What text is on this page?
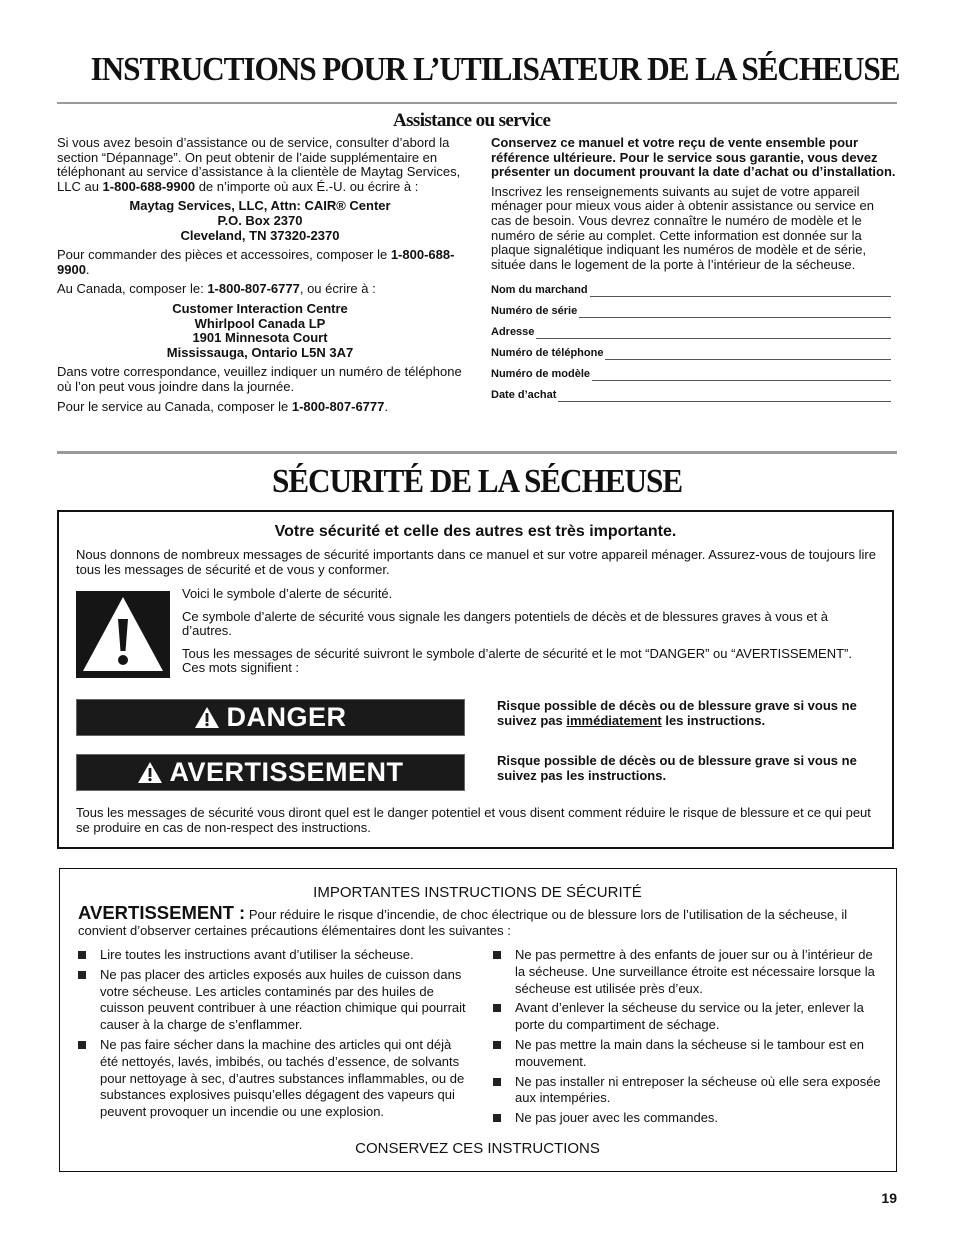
INSTRUCTIONS POUR L’UTILISATEUR DE LA SÉCHEUSE
Assistance ou service

Si vous avez besoin d’assistance ou de service, consulter d’abord la section “Dépannage”. On peut obtenir de l’aide supplémentaire en téléphonant au service d’assistance à la clientèle de Maytag Services, LLC au 1-800-688-9900 de n’importe où aux É.-U. ou écrire à :

Maytag Services, LLC, Attn: CAIR® Center
P.O. Box 2370
Cleveland, TN 37320-2370

Pour commander des pièces et accessoires, composer le 1-800-688-9900.

Au Canada, composer le: 1-800-807-6777, ou écrire à :

Customer Interaction Centre
Whirlpool Canada LP
1901 Minnesota Court
Mississauga, Ontario L5N 3A7

Dans votre correspondance, veuillez indiquer un numéro de téléphone où l’on peut vous joindre dans la journée.

Pour le service au Canada, composer le 1-800-807-6777.

Conservez ce manuel et votre reçu de vente ensemble pour référence ultérieure. Pour le service sous garantie, vous devez présenter un document prouvant la date d’achat ou d’installation.

Inscrivez les renseignements suivants au sujet de votre appareil ménager pour mieux vous aider à obtenir assistance ou service en cas de besoin. Vous devrez connaître le numéro de modèle et le numéro de série au complet. Cette information est donnée sur la plaque signalétique indiquant les numéros de modèle et de série, située dans le logement de la porte à l’intérieur de la sécheuse.

Nom du marchand
Numéro de série
Adresse
Numéro de téléphone
Numéro de modèle
Date d’achat
SÉCURITÉ DE LA SÉCHEUSE
Votre sécurité et celle des autres est très importante.
Nous donnons de nombreux messages de sécurité importants dans ce manuel et sur votre appareil ménager. Assurez-vous de toujours lire tous les messages de sécurité et de vous y conformer.

Voici le symbole d’alerte de sécurité.

Ce symbole d’alerte de sécurité vous signale les dangers potentiels de décès et de blessures graves à vous et à d’autres.

Tous les messages de sécurité suivront le symbole d’alerte de sécurité et le mot “DANGER” ou “AVERTISSEMENT”. Ces mots signifient :

DANGER	Risque possible de décès ou de blessure grave si vous ne suivez pas immédiatement les instructions.
AVERTISSEMENT	Risque possible de décès ou de blessure grave si vous ne suivez pas les instructions.
Tous les messages de sécurité vous diront quel est le danger potentiel et vous disent comment réduire le risque de blessure et ce qui peut se produire en cas de non-respect des instructions.
IMPORTANTES INSTRUCTIONS DE SÉCURITÉ
AVERTISSEMENT : Pour réduire le risque d’incendie, de choc électrique ou de blessure lors de l’utilisation de la sécheuse, il convient d’observer certaines précautions élémentaires dont les suivantes :
Lire toutes les instructions avant d’utiliser la sécheuse.
Ne pas placer des articles exposés aux huiles de cuisson dans votre sécheuse. Les articles contaminés par des huiles de cuisson peuvent contribuer à une réaction chimique qui pourrait causer à la charge de s’enflammer.
Ne pas faire sécher dans la machine des articles qui ont déjà été nettoyés, lavés, imbibés, ou tachés d’essence, de solvants pour nettoyage à sec, d’autres substances inflammables, ou de substances explosives puisqu’elles dégagent des vapeurs qui peuvent provoquer un incendie ou une explosion.
Ne pas permettre à des enfants de jouer sur ou à l’intérieur de la sécheuse. Une surveillance étroite est nécessaire lorsque la sécheuse est utilisée près d’eux.
Avant d’enlever la sécheuse du service ou la jeter, enlever la porte du compartiment de séchage.
Ne pas mettre la main dans la sécheuse si le tambour est en mouvement.
Ne pas installer ni entreposer la sécheuse où elle sera exposée aux intempéries.
Ne pas jouer avec les commandes.
CONSERVEZ CES INSTRUCTIONS
19
